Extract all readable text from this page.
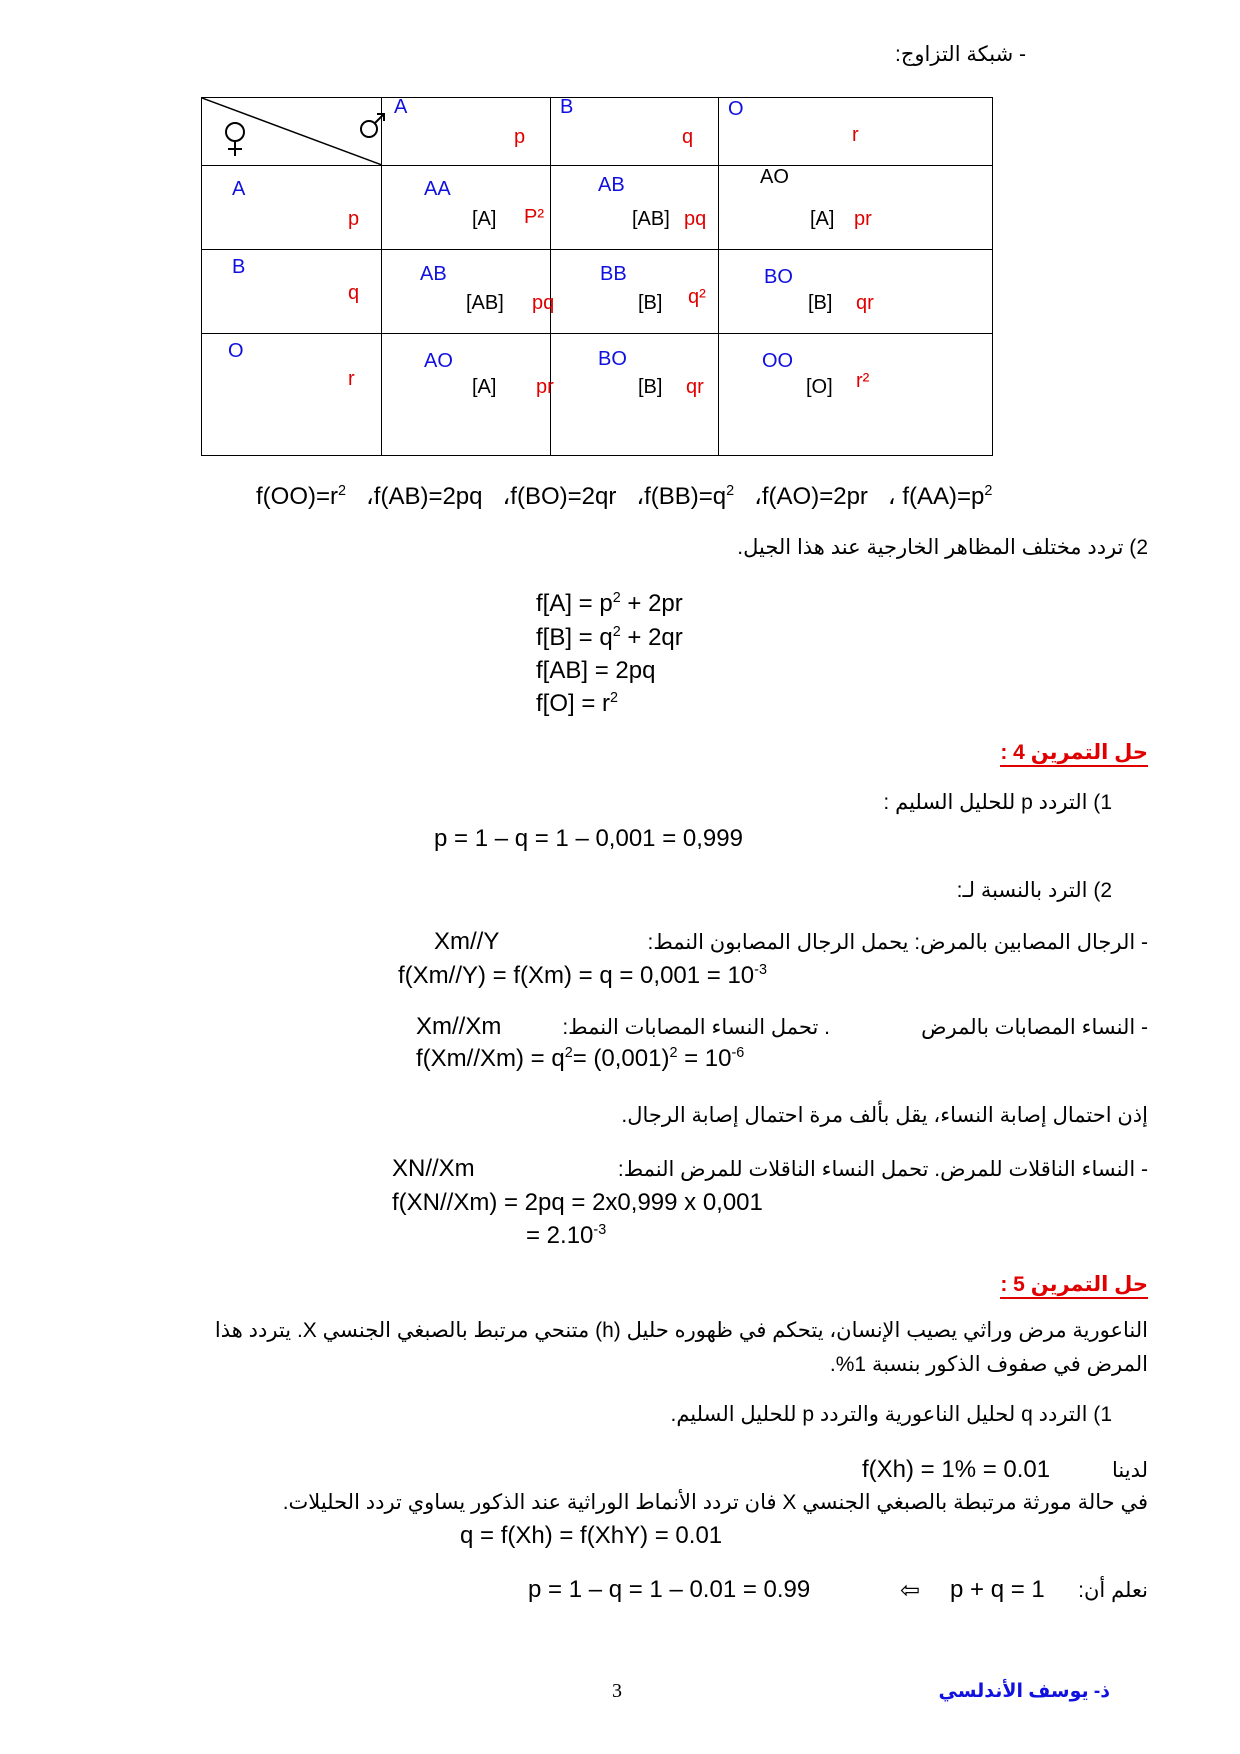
- شبكة التزاوج:
A
p
B
q
O
r
A
p
AA
[A] P²
AB
[AB] pq
AO
[A] pr
B
q
AB
[AB] pq
BB
[B] q²
BO
[B] qr
O
r
AO
[A] pr
BO
[B] qr
OO
[O] r²
$f(OO)=r^2$ ،f(AB)=2pq ،f(BO)=2qr $،f(BB)=q^2$ ،f(AO)=2pr   ، $f(AA)=p^2$
2) تردد مختلف المظاهر الخارجية عند هذا الجيل.
$f[A] = p^2 + 2pr$
$f[B] = q^2 + 2qr$
f[AB] = 2pq
$f[O] = r^2$
حل التمرين 4 :
1) التردد p للحليل السليم :
p = 1 – q = 1 – 0,001 = 0,999
2) الترد بالنسبة لـ:
- الرجال المصابين بالمرض: يحمل الرجال المصابون النمط:
Xm//Y
$f(Xm//Y) = f(Xm) = q = 0,001 = 10^{-3}$
- النساء المصابات بالمرض
. تحمل النساء المصابات النمط:
Xm//Xm
$f(Xm//Xm) = q^2= (0,001)^2 = 10^{-6}$
إذن احتمال إصابة النساء، يقل بألف مرة احتمال إصابة الرجال.
- النساء الناقلات للمرض. تحمل النساء الناقلات للمرض النمط:
XN//Xm
f(XN//Xm) = 2pq = 2x0,999 x 0,001
= $2.10^{-3}$
حل التمرين 5 :
الناعورية مرض وراثي يصيب الإنسان، يتحكم في ظهوره حليل (h) متنحي مرتبط بالصبغي الجنسي X. يتردد هذا
المرض في صفوف الذكور بنسبة 1%.
1) التردد q لحليل الناعورية والتردد p للحليل السليم.
لدينا
f(Xh) = 1% = 0.01
في حالة مورثة مرتبطة بالصبغي الجنسي X فان تردد الأنماط الوراثية عند الذكور يساوي تردد الحليلات.
q = f(Xh) = f(XhY) = 0.01
نعلم أن:
p + q = 1
⇦
p = 1 – q = 1 – 0.01 = 0.99
3	ذ- يوسف الأندلسي
